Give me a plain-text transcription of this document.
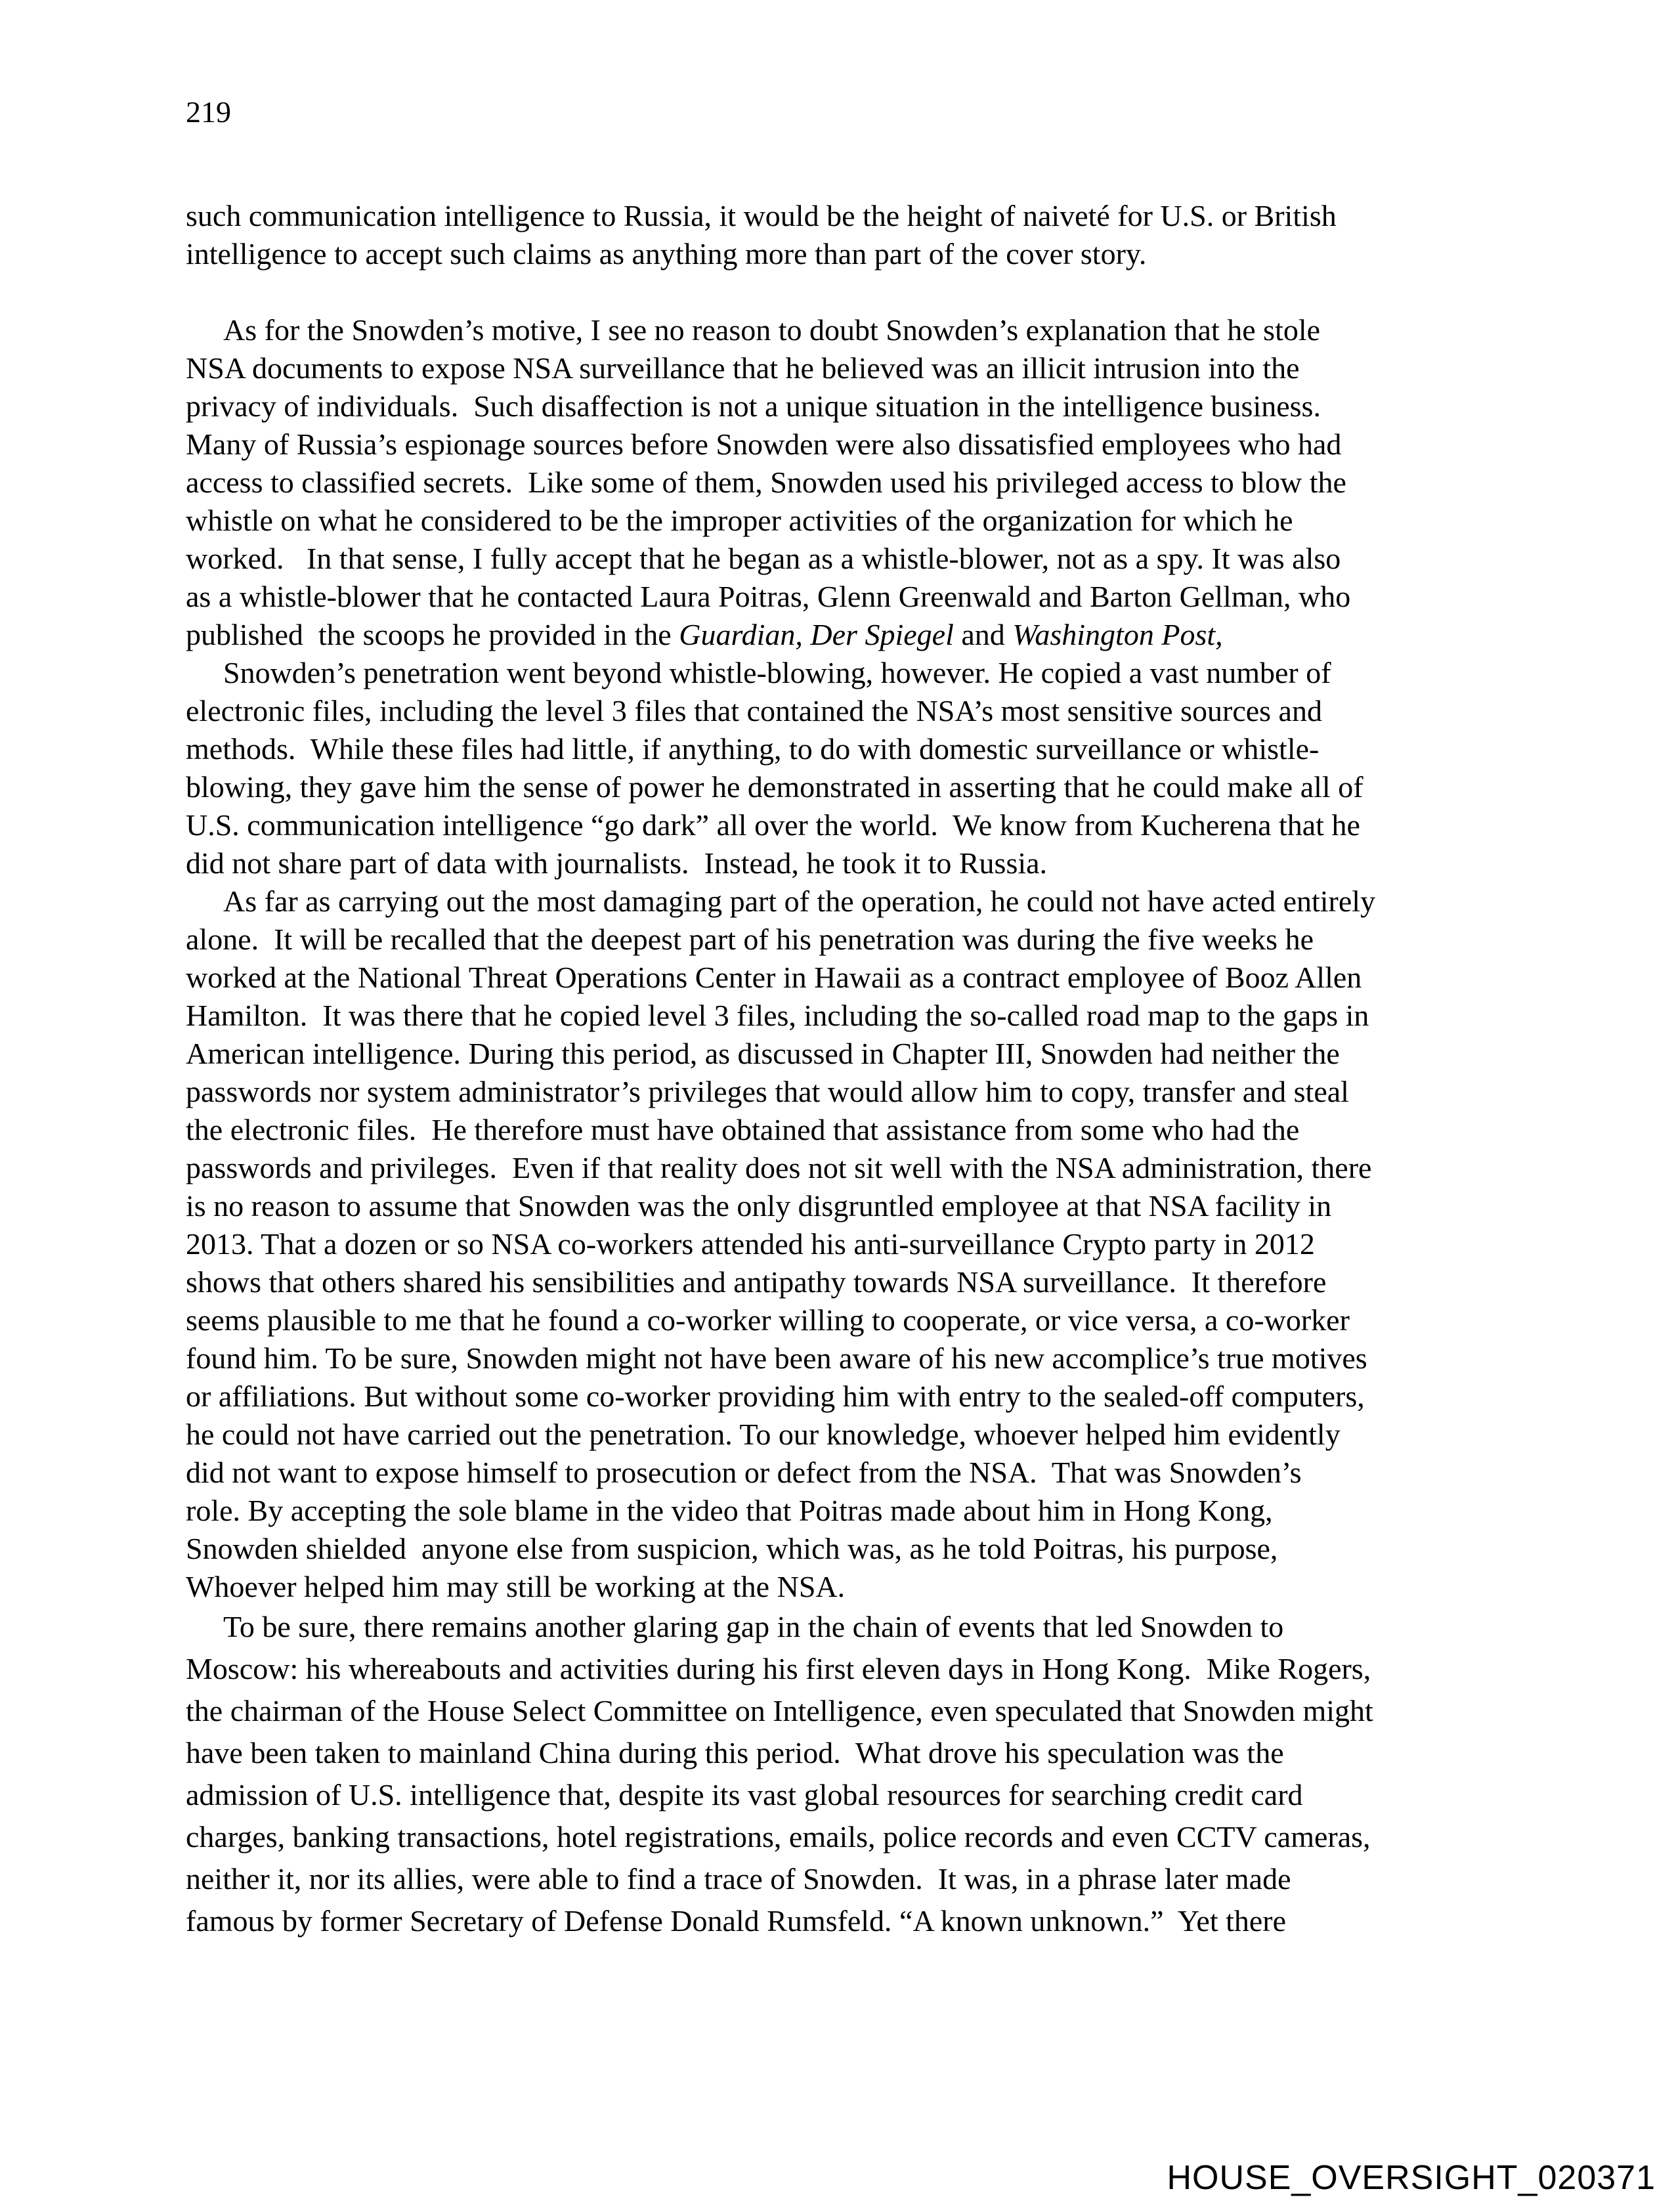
219
such communication intelligence to Russia, it would be the height of naiveté for U.S. or British
intelligence to accept such claims as anything more than part of the cover story.
As for the Snowden’s motive, I see no reason to doubt Snowden’s explanation that he stole
NSA documents to expose NSA surveillance that he believed was an illicit intrusion into the
privacy of individuals.  Such disaffection is not a unique situation in the intelligence business.
Many of Russia’s espionage sources before Snowden were also dissatisfied employees who had
access to classified secrets.  Like some of them, Snowden used his privileged access to blow the
whistle on what he considered to be the improper activities of the organization for which he
worked.   In that sense, I fully accept that he began as a whistle-blower, not as a spy. It was also
as a whistle-blower that he contacted Laura Poitras, Glenn Greenwald and Barton Gellman, who
published  the scoops he provided in the Guardian, Der Spiegel and Washington Post,
Snowden’s penetration went beyond whistle-blowing, however. He copied a vast number of
electronic files, including the level 3 files that contained the NSA’s most sensitive sources and
methods.  While these files had little, if anything, to do with domestic surveillance or whistle-
blowing, they gave him the sense of power he demonstrated in asserting that he could make all of
U.S. communication intelligence “go dark” all over the world.  We know from Kucherena that he
did not share part of data with journalists.  Instead, he took it to Russia.
As far as carrying out the most damaging part of the operation, he could not have acted entirely
alone.  It will be recalled that the deepest part of his penetration was during the five weeks he
worked at the National Threat Operations Center in Hawaii as a contract employee of Booz Allen
Hamilton.  It was there that he copied level 3 files, including the so-called road map to the gaps in
American intelligence. During this period, as discussed in Chapter III, Snowden had neither the
passwords nor system administrator’s privileges that would allow him to copy, transfer and steal
the electronic files.  He therefore must have obtained that assistance from some who had the
passwords and privileges.  Even if that reality does not sit well with the NSA administration, there
is no reason to assume that Snowden was the only disgruntled employee at that NSA facility in
2013. That a dozen or so NSA co-workers attended his anti-surveillance Crypto party in 2012
shows that others shared his sensibilities and antipathy towards NSA surveillance.  It therefore
seems plausible to me that he found a co-worker willing to cooperate, or vice versa, a co-worker
found him. To be sure, Snowden might not have been aware of his new accomplice’s true motives
or affiliations. But without some co-worker providing him with entry to the sealed-off computers,
he could not have carried out the penetration. To our knowledge, whoever helped him evidently
did not want to expose himself to prosecution or defect from the NSA.  That was Snowden’s
role. By accepting the sole blame in the video that Poitras made about him in Hong Kong,
Snowden shielded  anyone else from suspicion, which was, as he told Poitras, his purpose,
Whoever helped him may still be working at the NSA.
To be sure, there remains another glaring gap in the chain of events that led Snowden to
Moscow: his whereabouts and activities during his first eleven days in Hong Kong.  Mike Rogers,
the chairman of the House Select Committee on Intelligence, even speculated that Snowden might
have been taken to mainland China during this period.  What drove his speculation was the
admission of U.S. intelligence that, despite its vast global resources for searching credit card
charges, banking transactions, hotel registrations, emails, police records and even CCTV cameras,
neither it, nor its allies, were able to find a trace of Snowden.  It was, in a phrase later made
famous by former Secretary of Defense Donald Rumsfeld. “A known unknown.”  Yet there
HOUSE_OVERSIGHT_020371
